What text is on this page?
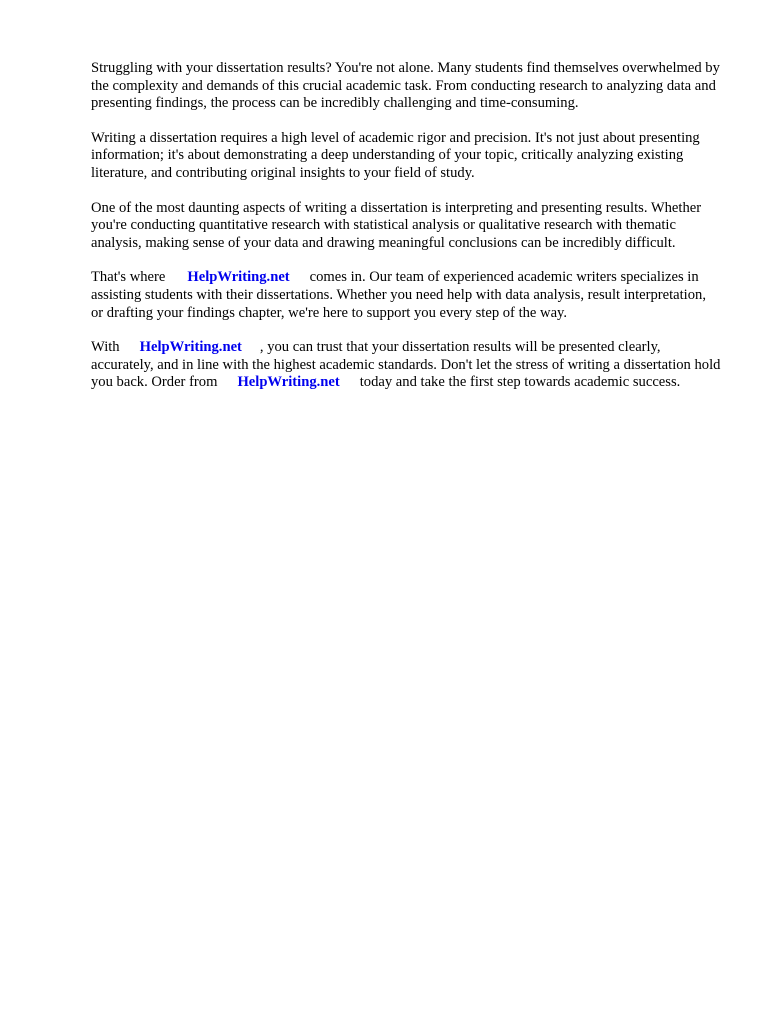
Struggling with your dissertation results? You're not alone. Many students find themselves overwhelmed by the complexity and demands of this crucial academic task. From conducting research to analyzing data and presenting findings, the process can be incredibly challenging and time-consuming.

Writing a dissertation requires a high level of academic rigor and precision. It's not just about presenting information; it's about demonstrating a deep understanding of your topic, critically analyzing existing literature, and contributing original insights to your field of study.

One of the most daunting aspects of writing a dissertation is interpreting and presenting results. Whether you're conducting quantitative research with statistical analysis or qualitative research with thematic analysis, making sense of your data and drawing meaningful conclusions can be incredibly difficult.

That's where HelpWriting.net comes in. Our team of experienced academic writers specializes in assisting students with their dissertations. Whether you need help with data analysis, result interpretation, or drafting your findings chapter, we're here to support you every step of the way.

With HelpWriting.net , you can trust that your dissertation results will be presented clearly, accurately, and in line with the highest academic standards. Don't let the stress of writing a dissertation hold you back. Order from HelpWriting.net today and take the first step towards academic success.
